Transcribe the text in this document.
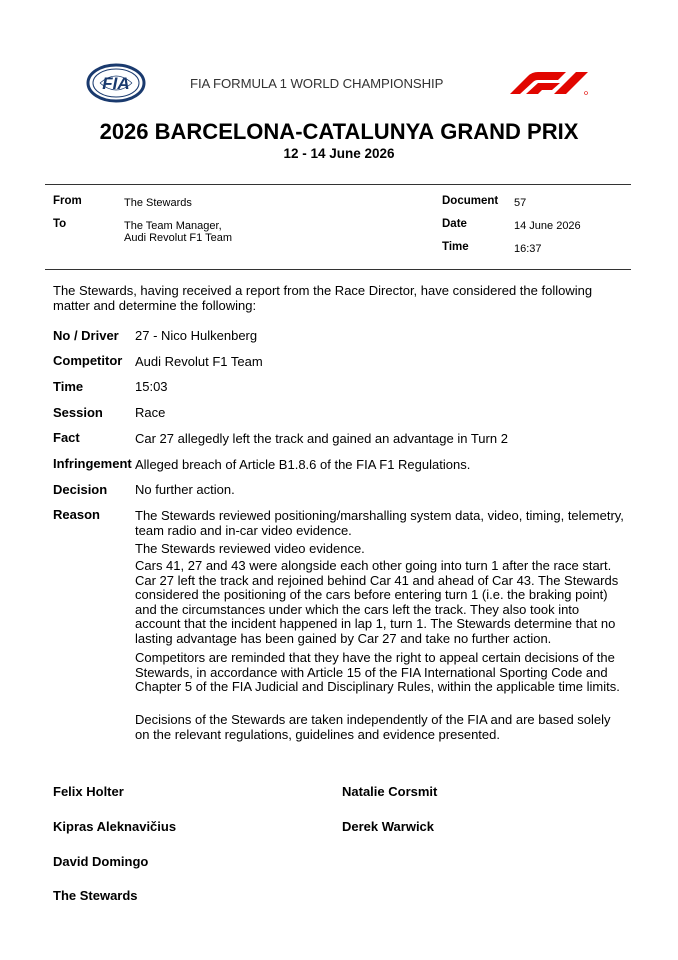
FIA	FIA FORMULA 1 WORLD CHAMPIONSHIP
2026 BARCELONA-CATALUNYA GRAND PRIX
12 - 14 June 2026
From	The Stewards
To	The Team Manager,
Audi Revolut F1 Team
Document 57
Date	14 June 2026
Time	16:37
The Stewards, having received a report from the Race Director, have considered the following matter and determine the following:
No / Driver 27 - Nico Hulkenberg
Competitor Audi Revolut F1 Team
Time	15:03
Session Race
Fact	Car 27 allegedly left the track and gained an advantage in Turn 2
Infringement Alleged breach of Article B1.8.6 of the FIA F1 Regulations.
Decision No further action.
Reason	The Stewards reviewed positioning/marshalling system data, video, timing, telemetry, team radio and in-car video evidence.
The Stewards reviewed video evidence.
Cars 41, 27 and 43 were alongside each other going into turn 1 after the race start. Car 27 left the track and rejoined behind Car 41 and ahead of Car 43. The Stewards considered the positioning of the cars before entering turn 1 (i.e. the braking point) and the circumstances under which the cars left the track. They also took into account that the incident happened in lap 1, turn 1. The Stewards determine that no lasting advantage has been gained by Car 27 and take no further action.
Competitors are reminded that they have the right to appeal certain decisions of the Stewards, in accordance with Article 15 of the FIA International Sporting Code and Chapter 5 of the FIA Judicial and Disciplinary Rules, within the applicable time limits.
Decisions of the Stewards are taken independently of the FIA and are based solely on the relevant regulations, guidelines and evidence presented.
Felix Holter	Natalie Corsmit
Kipras Aleknavičius	Derek Warwick
David Domingo
The Stewards
